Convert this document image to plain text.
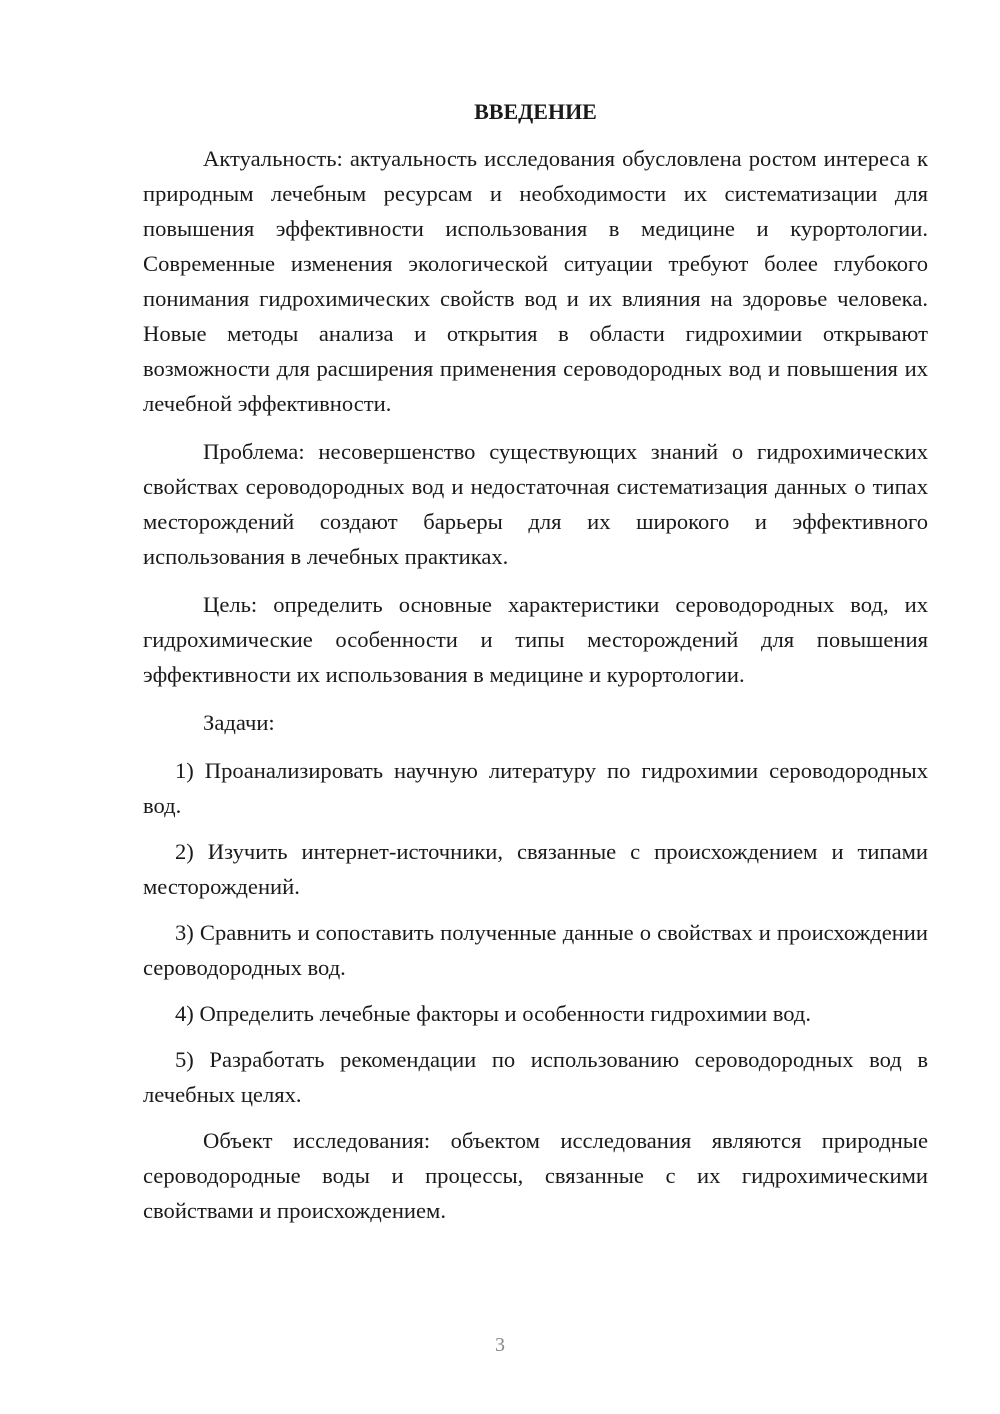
ВВЕДЕНИЕ

Актуальность: актуальность исследования обусловлена ростом интереса к природным лечебным ресурсам и необходимости их систематизации для повышения эффективности использования в медицине и курортологии. Современные изменения экологической ситуации требуют более глубокого понимания гидрохимических свойств вод и их влияния на здоровье человека. Новые методы анализа и открытия в области гидрохимии открывают возможности для расширения применения сероводородных вод и повышения их лечебной эффективности.

Проблема: несовершенство существующих знаний о гидрохимических свойствах сероводородных вод и недостаточная систематизация данных о типах месторождений создают барьеры для их широкого и эффективного использования в лечебных практиках.

Цель: определить основные характеристики сероводородных вод, их гидрохимические особенности и типы месторождений для повышения эффективности их использования в медицине и курортологии.

Задачи:

1) Проанализировать научную литературу по гидрохимии сероводородных вод.

2) Изучить интернет-источники, связанные с происхождением и типами месторождений.

3) Сравнить и сопоставить полученные данные о свойствах и происхождении сероводородных вод.

4) Определить лечебные факторы и особенности гидрохимии вод.

5) Разработать рекомендации по использованию сероводородных вод в лечебных целях.

Объект исследования: объектом исследования являются природные сероводородные воды и процессы, связанные с их гидрохимическими свойствами и происхождением.

3
